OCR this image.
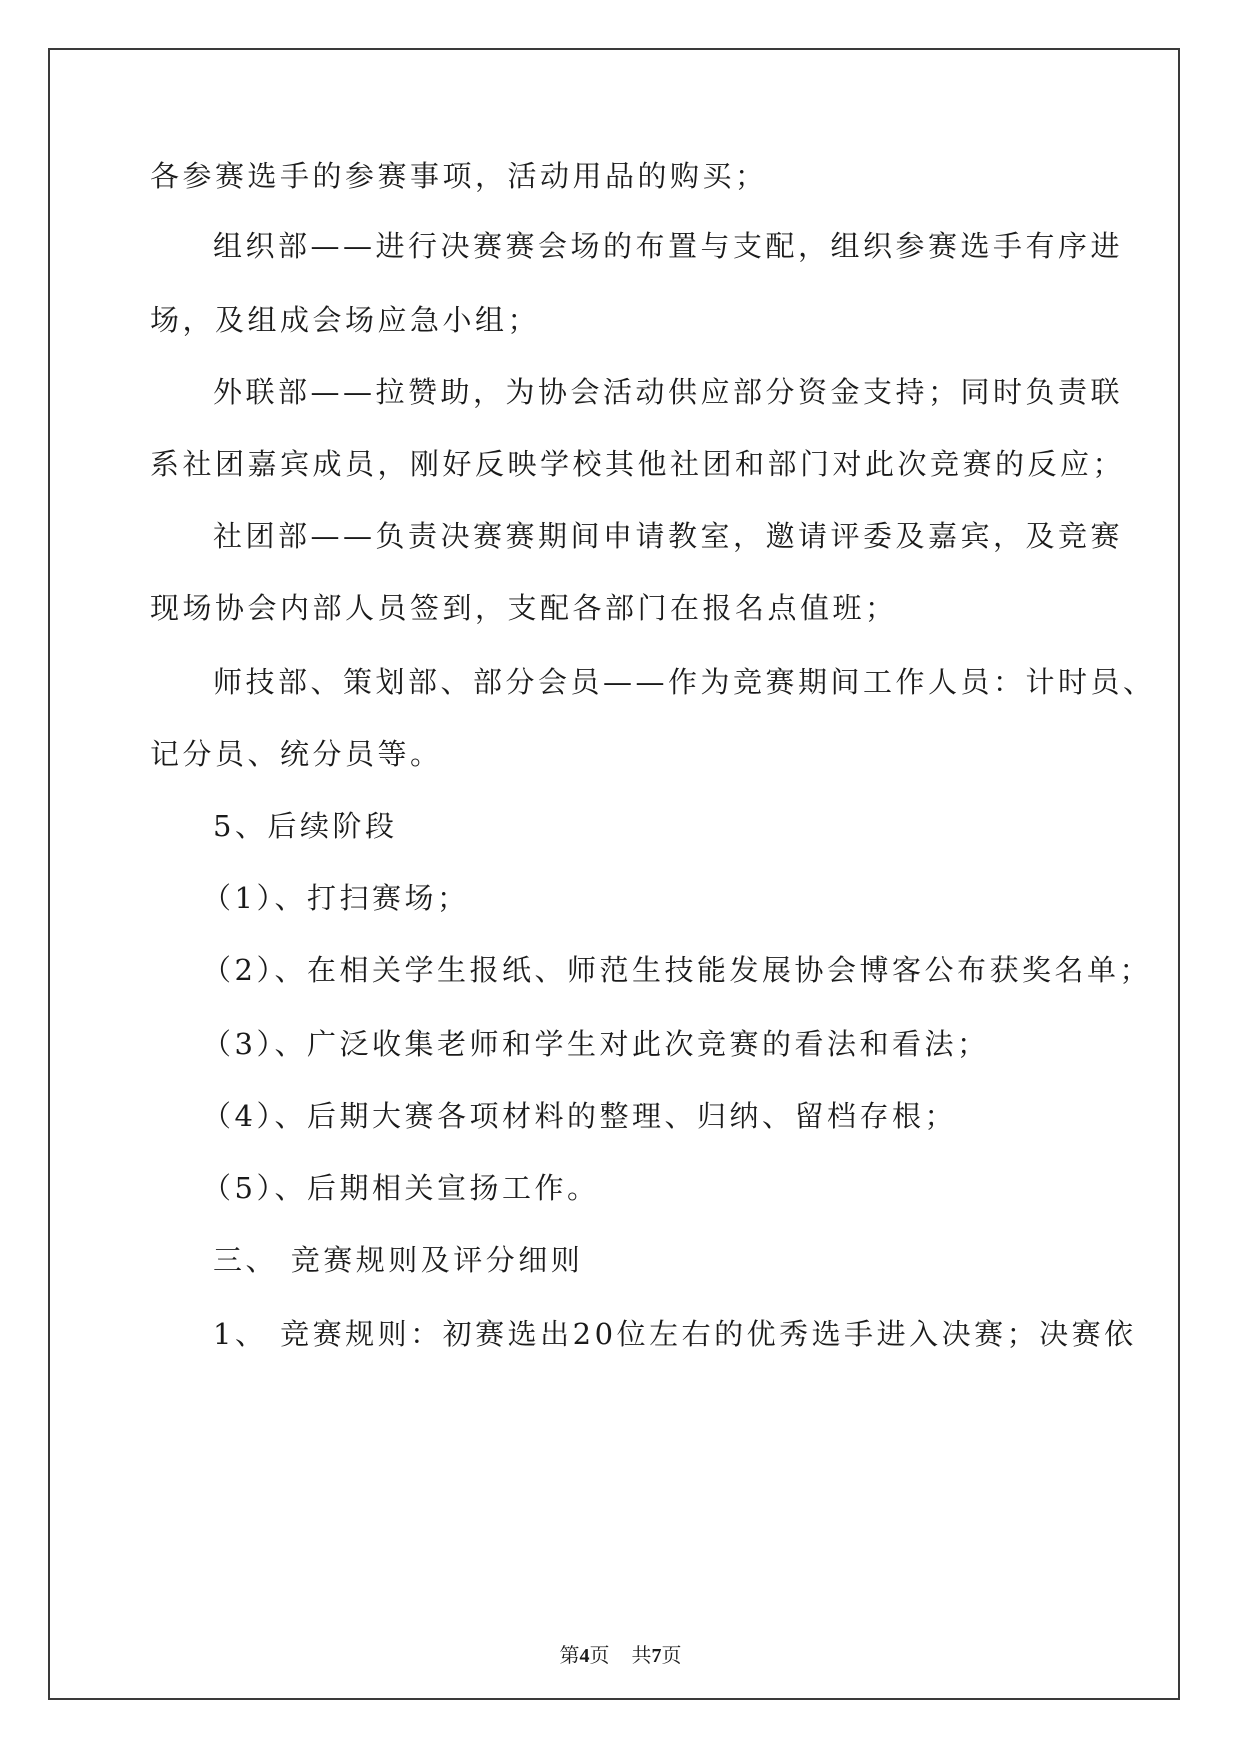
各参赛选手的参赛事项，活动用品的购买；
组织部——进行决赛赛会场的布置与支配，组织参赛选手有序进
场，及组成会场应急小组；
外联部——拉赞助，为协会活动供应部分资金支持；同时负责联
系社团嘉宾成员，刚好反映学校其他社团和部门对此次竞赛的反应；
社团部——负责决赛赛期间申请教室，邀请评委及嘉宾，及竞赛
现场协会内部人员签到，支配各部门在报名点值班；
师技部、策划部、部分会员——作为竞赛期间工作人员：计时员、
记分员、统分员等。
5、后续阶段
（1）、打扫赛场；
（2）、在相关学生报纸、师范生技能发展协会博客公布获奖名单；
（3）、广泛收集老师和学生对此次竞赛的看法和看法；
（4）、后期大赛各项材料的整理、归纳、留档存根；
（5）、后期相关宣扬工作。
三、 竞赛规则及评分细则
1、 竞赛规则：初赛选出20位左右的优秀选手进入决赛；决赛依
第4页 共7页
